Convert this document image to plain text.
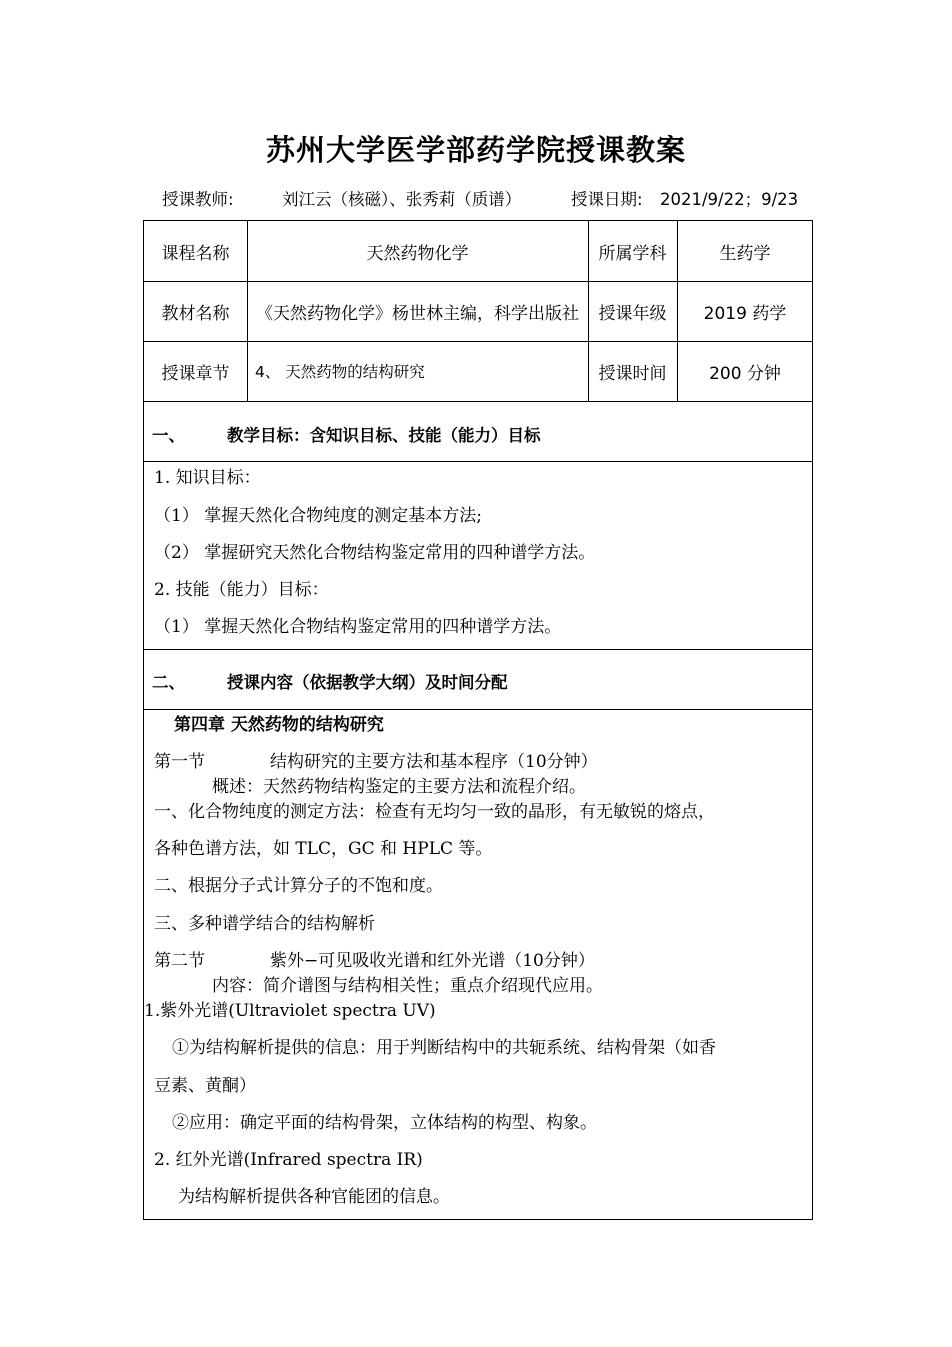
苏州大学医学部药学院授课教案
授课教师:	刘江云（核磁）、张秀莉（质谱）	授课日期: 2021/9/22；9/23
课程名称	天然药物化学	所属学科	生药学
教材名称	《天然药物化学》杨世林主编，科学出版社	授课年级	2019 药学
授课章节	4、 天然药物的结构研究	授课时间	200 分钟
一、	教学目标：含知识目标、技能（能力）目标
1. 知识目标：
（1） 掌握天然化合物纯度的测定基本方法;
（2） 掌握研究天然化合物结构鉴定常用的四种谱学方法。
2. 技能（能力）目标：
（1） 掌握天然化合物结构鉴定常用的四种谱学方法。
二、	授课内容（依据教学大纲）及时间分配
第四章 天然药物的结构研究
第一节	结构研究的主要方法和基本程序（10分钟）
概述：天然药物结构鉴定的主要方法和流程介绍。
一、化合物纯度的测定方法：检查有无均匀一致的晶形，有无敏锐的熔点，
各种色谱方法，如 TLC，GC 和 HPLC 等。
二、根据分子式计算分子的不饱和度。
三、多种谱学结合的结构解析
第二节	紫外−可见吸收光谱和红外光谱（10分钟）
内容：简介谱图与结构相关性；重点介绍现代应用。
1.紫外光谱(Ultraviolet spectra UV)
①为结构解析提供的信息：用于判断结构中的共轭系统、结构骨架（如香
豆素、黄酮）
②应用：确定平面的结构骨架，立体结构的构型、构象。
2. 红外光谱(Infrared spectra IR)
为结构解析提供各种官能团的信息。
